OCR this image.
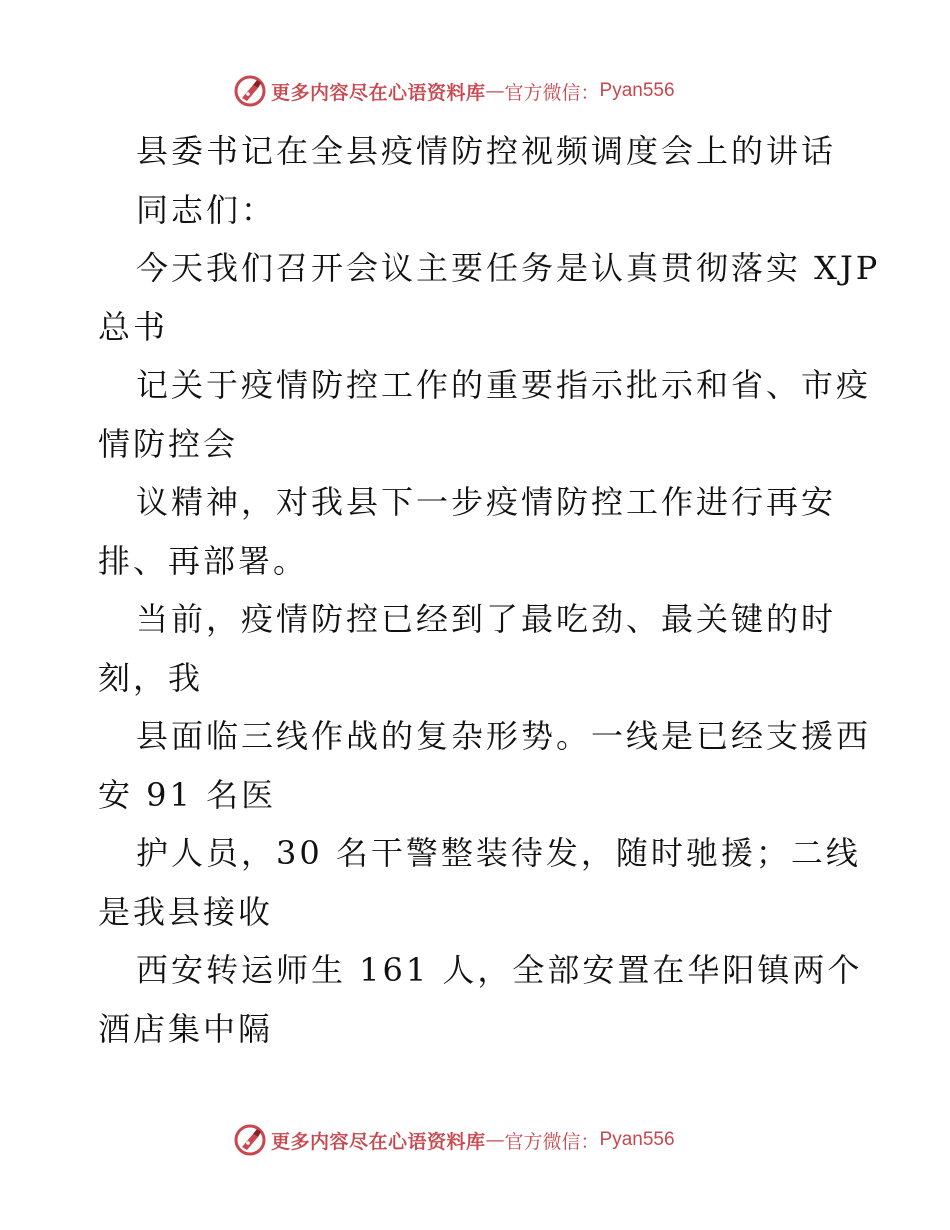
更多内容尽在心语资料库 — 官方微信： Pyan556
县委书记在全县疫情防控视频调度会上的讲话
同志们：
今天我们召开会议主要任务是认真贯彻落实 XJP
总书
记关于疫情防控工作的重要指示批示和省、市疫
情防控会
议精神，对我县下一步疫情防控工作进行再安
排、再部署。
当前，疫情防控已经到了最吃劲、最关键的时
刻，我
县面临三线作战的复杂形势。一线是已经支援西
安 91 名医
护人员，30 名干警整装待发，随时驰援；二线
是我县接收
西安转运师生 161 人，全部安置在华阳镇两个
酒店集中隔
更多内容尽在心语资料库 — 官方微信： Pyan556
